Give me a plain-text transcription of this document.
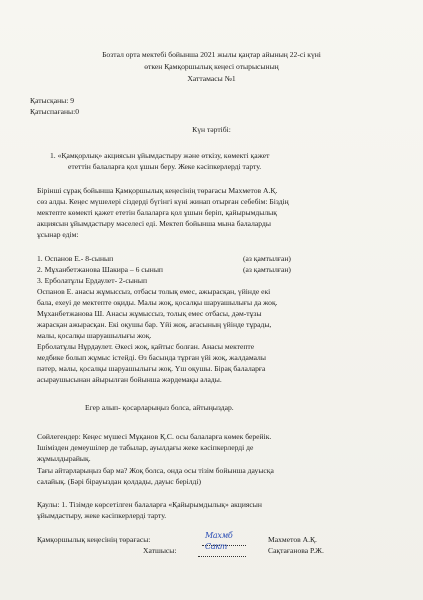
Бозтал орта мектебі бойынша 2021 жылы қаңтар айының 22-сі күні
өткен Қамқоршылық кеңесі отырысының
Хаттамасы №1
Қатысқаны: 9
Қатыспағаны:0
Күн тәртібі:
1. «Қамқорлық» акциясын ұйымдастыру және өткізу, көмекті қажет
ететтін балаларға қол ұшын беру. Жеке кәсіпкерлерді тарту.
Бірінші сұрақ бойынша Қамқоршылық кеңесінің төрағасы Махметов А.Қ.
сөз алды. Кеңес мүшелері сіздерді бүгінгі күні жинап отырған себебім: Біздің
мектепте көмекті қажет ететін балаларға қол ұшын беріп, қайырымдылық
акциясын ұйымдастыру мәселесі еді. Мектеп бойынша мына балаларды
ұсынар едім:
1. Оспанов Е.- 8-сынып	(аз қамтылған)
2. Мұханбетжанова Шакира – 6 сынып	(аз қамтылған)
3. Ерболатұлы Ердаулет- 2-сынып
Оспанов Е. анасы жұмыссыз, отбасы толық емес, ажырасқан, үйінде екі
бала, ехеуі де мектепте оқиды. Малы жоқ, қосалқы шаруашылығы да жоқ.
Мұханбетжанова Ш. Анасы жұмыссыз, толық емес отбасы, дәм-тұзы
жарасқан ажырасқан. Екі оқушы бар. Үйі жоқ, ағасының үйінде тұрады,
малы, қосалқы шаруашылығы жоқ.
Ерболатұлы Нұрдаулет. Әкесі жоқ, қайтыс болған. Анасы мектепте
медбике болып жұмыс істейді. Өз басында тұрған үйі жоқ, жалдамалы
пәтер, малы, қосалқы шаруашылығы жоқ. Үш оқушы. Бірақ балаларға
асыраушысынан айырылған бойынша жәрдемақы алады.
Егер алып- қосарларыңыз болса, айтыңыздар.
Сөйлегендер: Кеңес мүшесі Мұқанов Қ.С. осы балаларға көмек берейік.
Ішімізден демеушілер де табылар, ауылдағы жеке кәсіпкерлерді де
жұмылдырайық.
Тағы айтарларыңыз бар ма? Жоқ болса, онда осы тізім бойынша дауысқа
салайық. (Бәрі бірауыздан қолдады, дауыс берілді)
Қаулы: 1. Тізімде көрсетілген балаларға «Қайырымдылық» акциясын
ұйымдастыру, жеке кәсіпкерлерді тарту.
Қамқоршылық кеңесінің төрағасы:	Махмб	Махметов А.Қ.
Хатшысы:	Сакт	Сақтағанова Р.Ж.
